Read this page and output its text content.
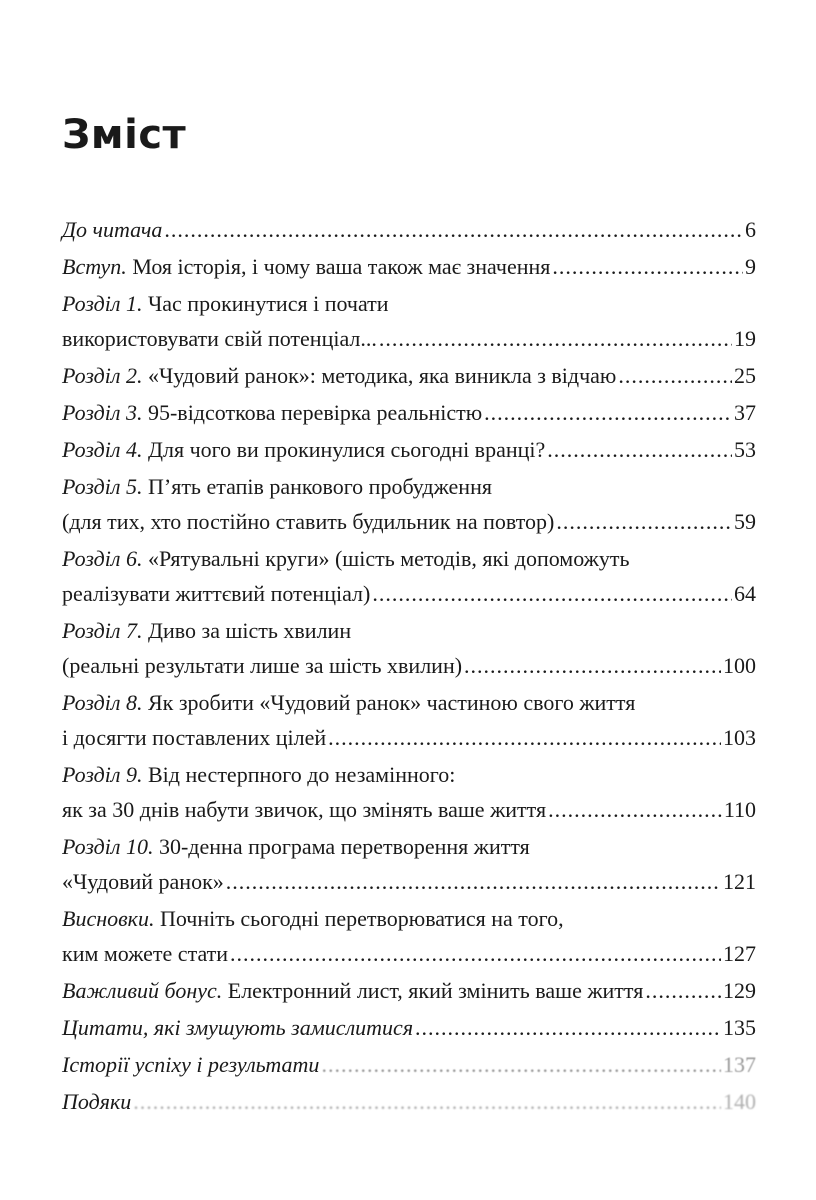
Зміст
До читача .....	6
Вступ. Моя історія, і чому ваша також має значення .....	9
Розділ 1. Час прокинутися і почати
використовувати свій потенціал... .....	19
Розділ 2. «Чудовий ранок»: методика, яка виникла з відчаю .....	25
Розділ 3. 95-відсоткова перевірка реальністю .....	37
Розділ 4. Для чого ви прокинулися сьогодні вранці? .....	53
Розділ 5. П’ять етапів ранкового пробудження
(для тих, хто постійно ставить будильник на повтор) .....	59
Розділ 6. «Рятувальні круги» (шість методів, які допоможуть
реалізувати життєвий потенціал) .....	64
Розділ 7. Диво за шість хвилин
(реальні результати лише за шість хвилин) .....	100
Розділ 8. Як зробити «Чудовий ранок» частиною свого життя
і досягти поставлених цілей .....	103
Розділ 9. Від нестерпного до незамінного:
як за 30 днів набути звичок, що змінять ваше життя .....	110
Розділ 10. 30-денна програма перетворення життя
«Чудовий ранок» .....	121
Висновки. Почніть сьогодні перетворюватися на того,
ким можете стати .....	127
Важливий бонус. Електронний лист, який змінить ваше життя .....	129
Цитати, які змушують замислитися .....	135
Історії успіху і результати .....	137
Подяки .....	140
